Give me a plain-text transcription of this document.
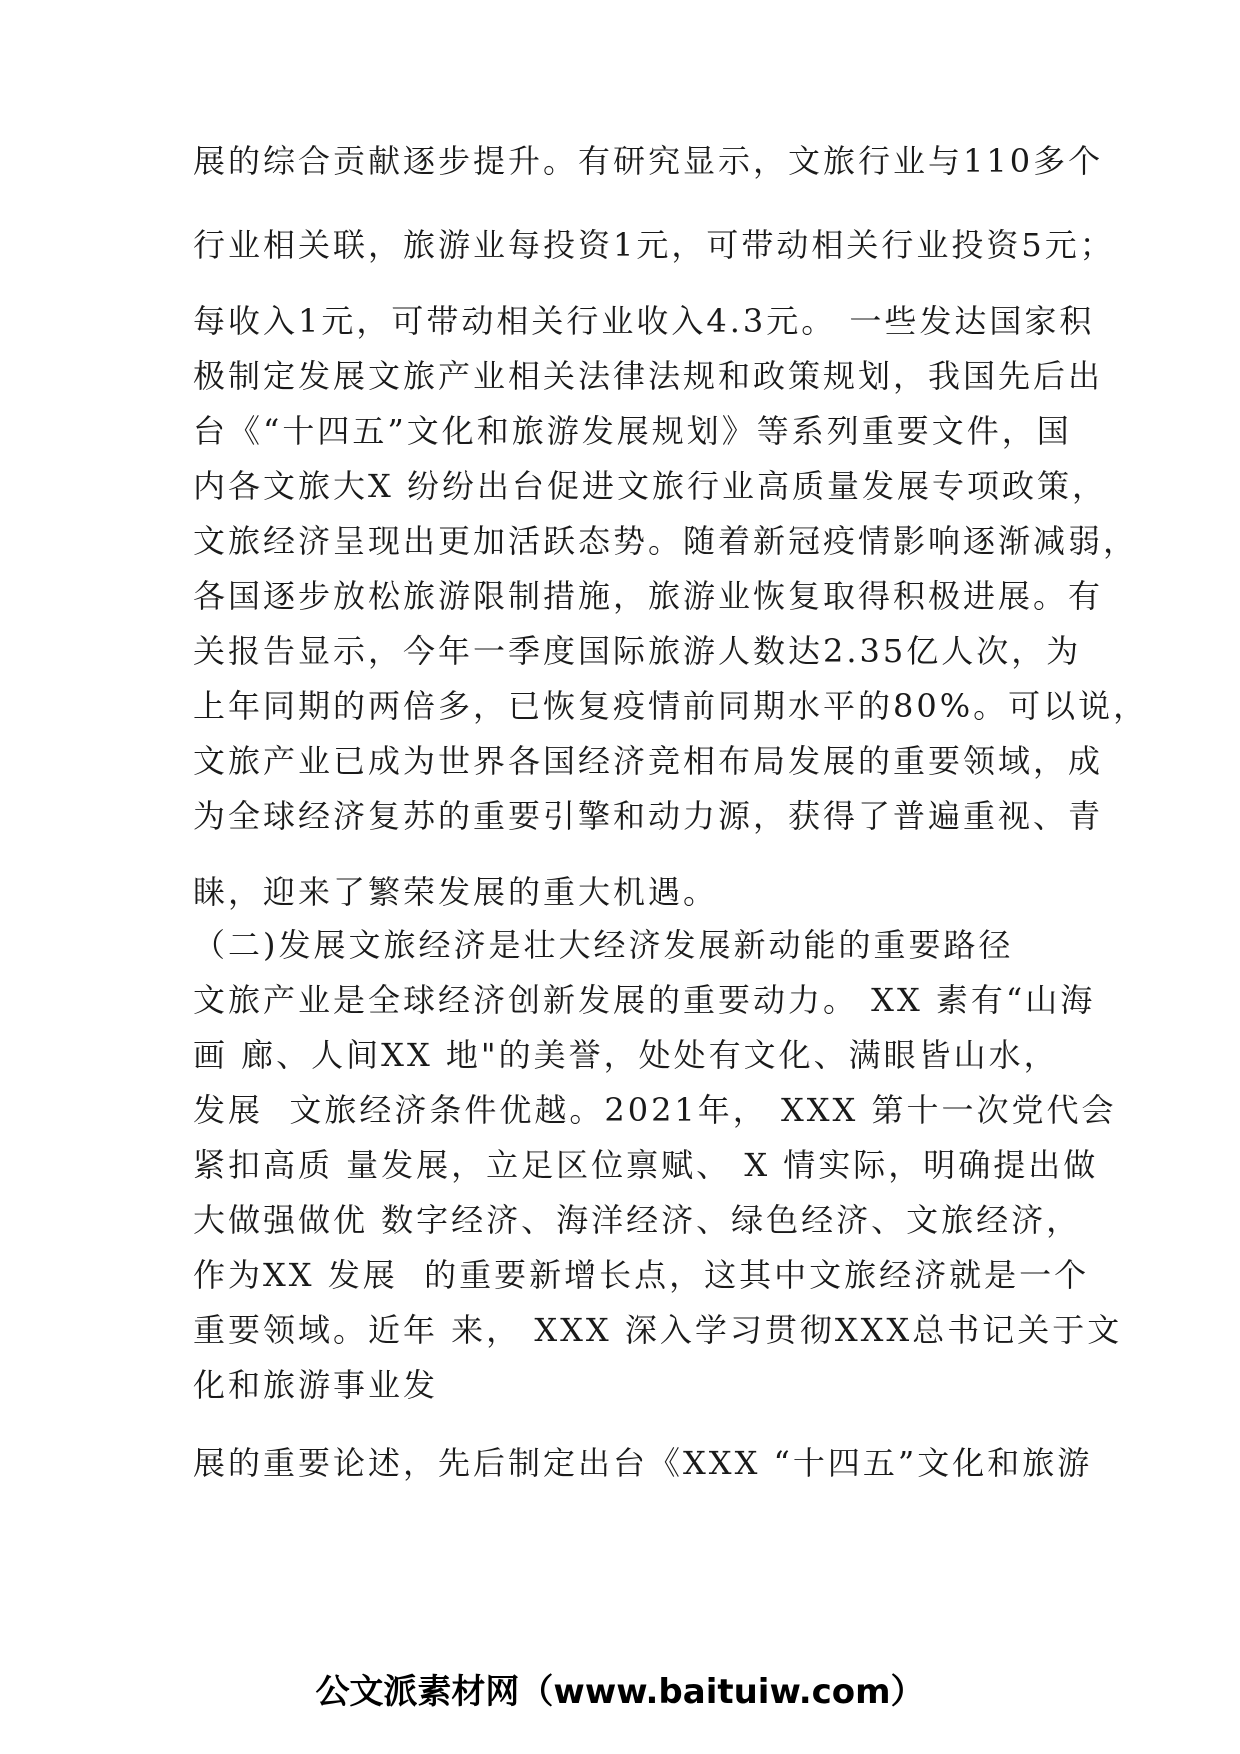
展的综合贡献逐步提升。有研究显示，文旅行业与110多个
行业相关联，旅游业每投资1元，可带动相关行业投资5元；
每收入1元，可带动相关行业收入4.3元。 一些发达国家积
极制定发展文旅产业相关法律法规和政策规划，我国先后出
台《“十四五”文化和旅游发展规划》等系列重要文件，国
内各文旅大X 纷纷出台促进文旅行业高质量发展专项政策，
文旅经济呈现出更加活跃态势。随着新冠疫情影响逐渐减弱，
各国逐步放松旅游限制措施，旅游业恢复取得积极进展。有
关报告显示，今年一季度国际旅游人数达2.35亿人次，为
上年同期的两倍多，已恢复疫情前同期水平的80%。可以说，
文旅产业已成为世界各国经济竞相布局发展的重要领域，成
为全球经济复苏的重要引擎和动力源，获得了普遍重视、青
睐，迎来了繁荣发展的重大机遇。
（二)发展文旅经济是壮大经济发展新动能的重要路径
文旅产业是全球经济创新发展的重要动力。 XX 素有“山海
画 廊、人间XX 地"的美誉，处处有文化、满眼皆山水，
发展  文旅经济条件优越。2021年， XXX 第十一次党代会
紧扣高质 量发展，立足区位禀赋、 X 情实际，明确提出做
大做强做优 数字经济、海洋经济、绿色经济、文旅经济，
作为XX 发展  的重要新增长点，这其中文旅经济就是一个
重要领域。近年 来， XXX 深入学习贯彻XXX总书记关于文
化和旅游事业发
展的重要论述，先后制定出台《XXX “十四五”文化和旅游
公文派素材网（www.baituiw.com）
